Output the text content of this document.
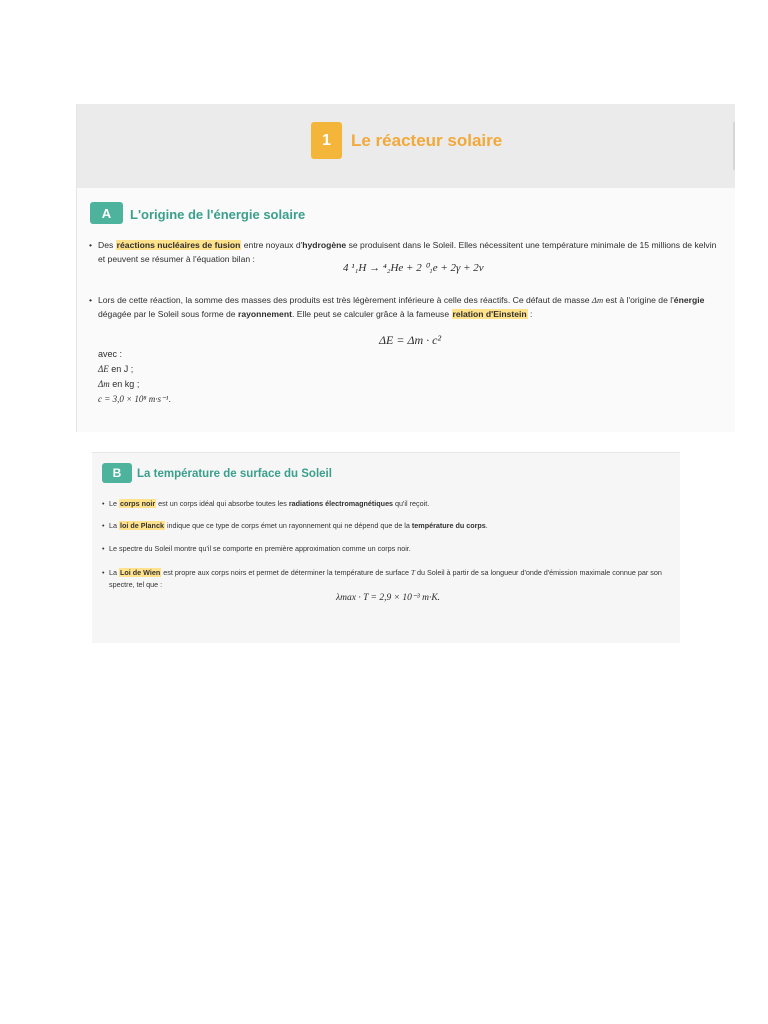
1	Le réacteur solaire
A	L'origine de l'énergie solaire
• Des réactions nucléaires de fusion entre noyaux d'hydrogène se produisent dans le Soleil. Elles nécessitent une température minimale de 15 millions de kelvin et peuvent se résumer à l'équation bilan :
4 ¹₁H → ⁴₂He + 2 ⁰₁e + 2γ + 2ν
• Lors de cette réaction, la somme des masses des produits est très légèrement inférieure à celle des réactifs. Ce défaut de masse Δm est à l'origine de l'énergie dégagée par le Soleil sous forme de rayonnement. Elle peut se calculer grâce à la fameuse relation d'Einstein :
ΔE = Δm · c²
avec :
ΔE en J ;
Δm en kg ;
c = 3,0 × 10⁸ m·s⁻¹.
B	La température de surface du Soleil
• Le corps noir est un corps idéal qui absorbe toutes les radiations électromagnétiques qu'il reçoit.
• La loi de Planck indique que ce type de corps émet un rayonnement qui ne dépend que de la température du corps.
• Le spectre du Soleil montre qu'il se comporte en première approximation comme un corps noir.
• La Loi de Wien est propre aux corps noirs et permet de déterminer la température de surface T du Soleil à partir de sa longueur d'onde d'émission maximale connue par son spectre, tel que :
λmax · T = 2,9 × 10⁻³ m·K.
